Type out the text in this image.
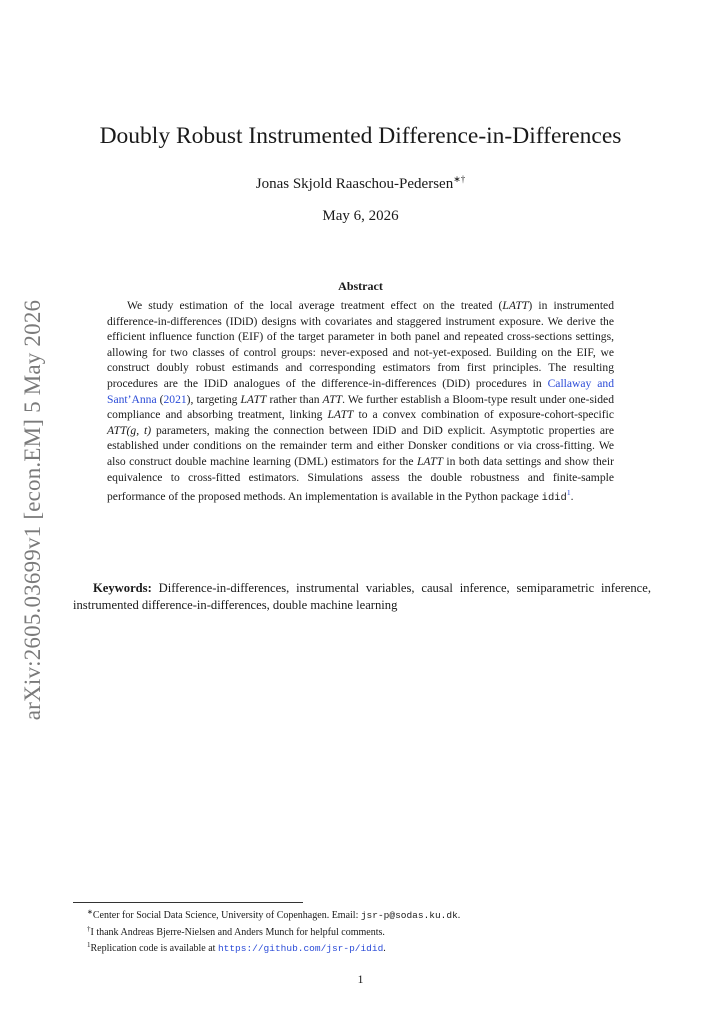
arXiv:2605.03699v1 [econ.EM] 5 May 2026
Doubly Robust Instrumented Difference-in-Differences
Jonas Skjold Raaschou-Pedersen∗†
May 6, 2026
Abstract
We study estimation of the local average treatment effect on the treated (LATT) in instrumented difference-in-differences (IDiD) designs with covariates and staggered instrument exposure. We derive the efficient influence function (EIF) of the target parameter in both panel and repeated cross-sections settings, allowing for two classes of control groups: never-exposed and not-yet-exposed. Building on the EIF, we construct doubly robust estimands and corresponding estimators from first principles. The resulting procedures are the IDiD analogues of the difference-in-differences (DiD) procedures in Callaway and Sant’Anna (2021), targeting LATT rather than ATT. We further establish a Bloom-type result under one-sided compliance and absorbing treatment, linking LATT to a convex combination of exposure-cohort-specific ATT(g, t) parameters, making the connection between IDiD and DiD explicit. Asymptotic properties are established under conditions on the remainder term and either Donsker conditions or via cross-fitting. We also construct double machine learning (DML) estimators for the LATT in both data settings and show their equivalence to cross-fitted estimators. Simulations assess the double robustness and finite-sample performance of the proposed methods. An implementation is available in the Python package idid$^1$.
Keywords: Difference-in-differences, instrumental variables, causal inference, semiparametric inference, instrumented difference-in-differences, double machine learning
∗Center for Social Data Science, University of Copenhagen. Email: jsr-p@sodas.ku.dk.
†I thank Andreas Bjerre-Nielsen and Anders Munch for helpful comments.
$^1$Replication code is available at https://github.com/jsr-p/idid.
1
